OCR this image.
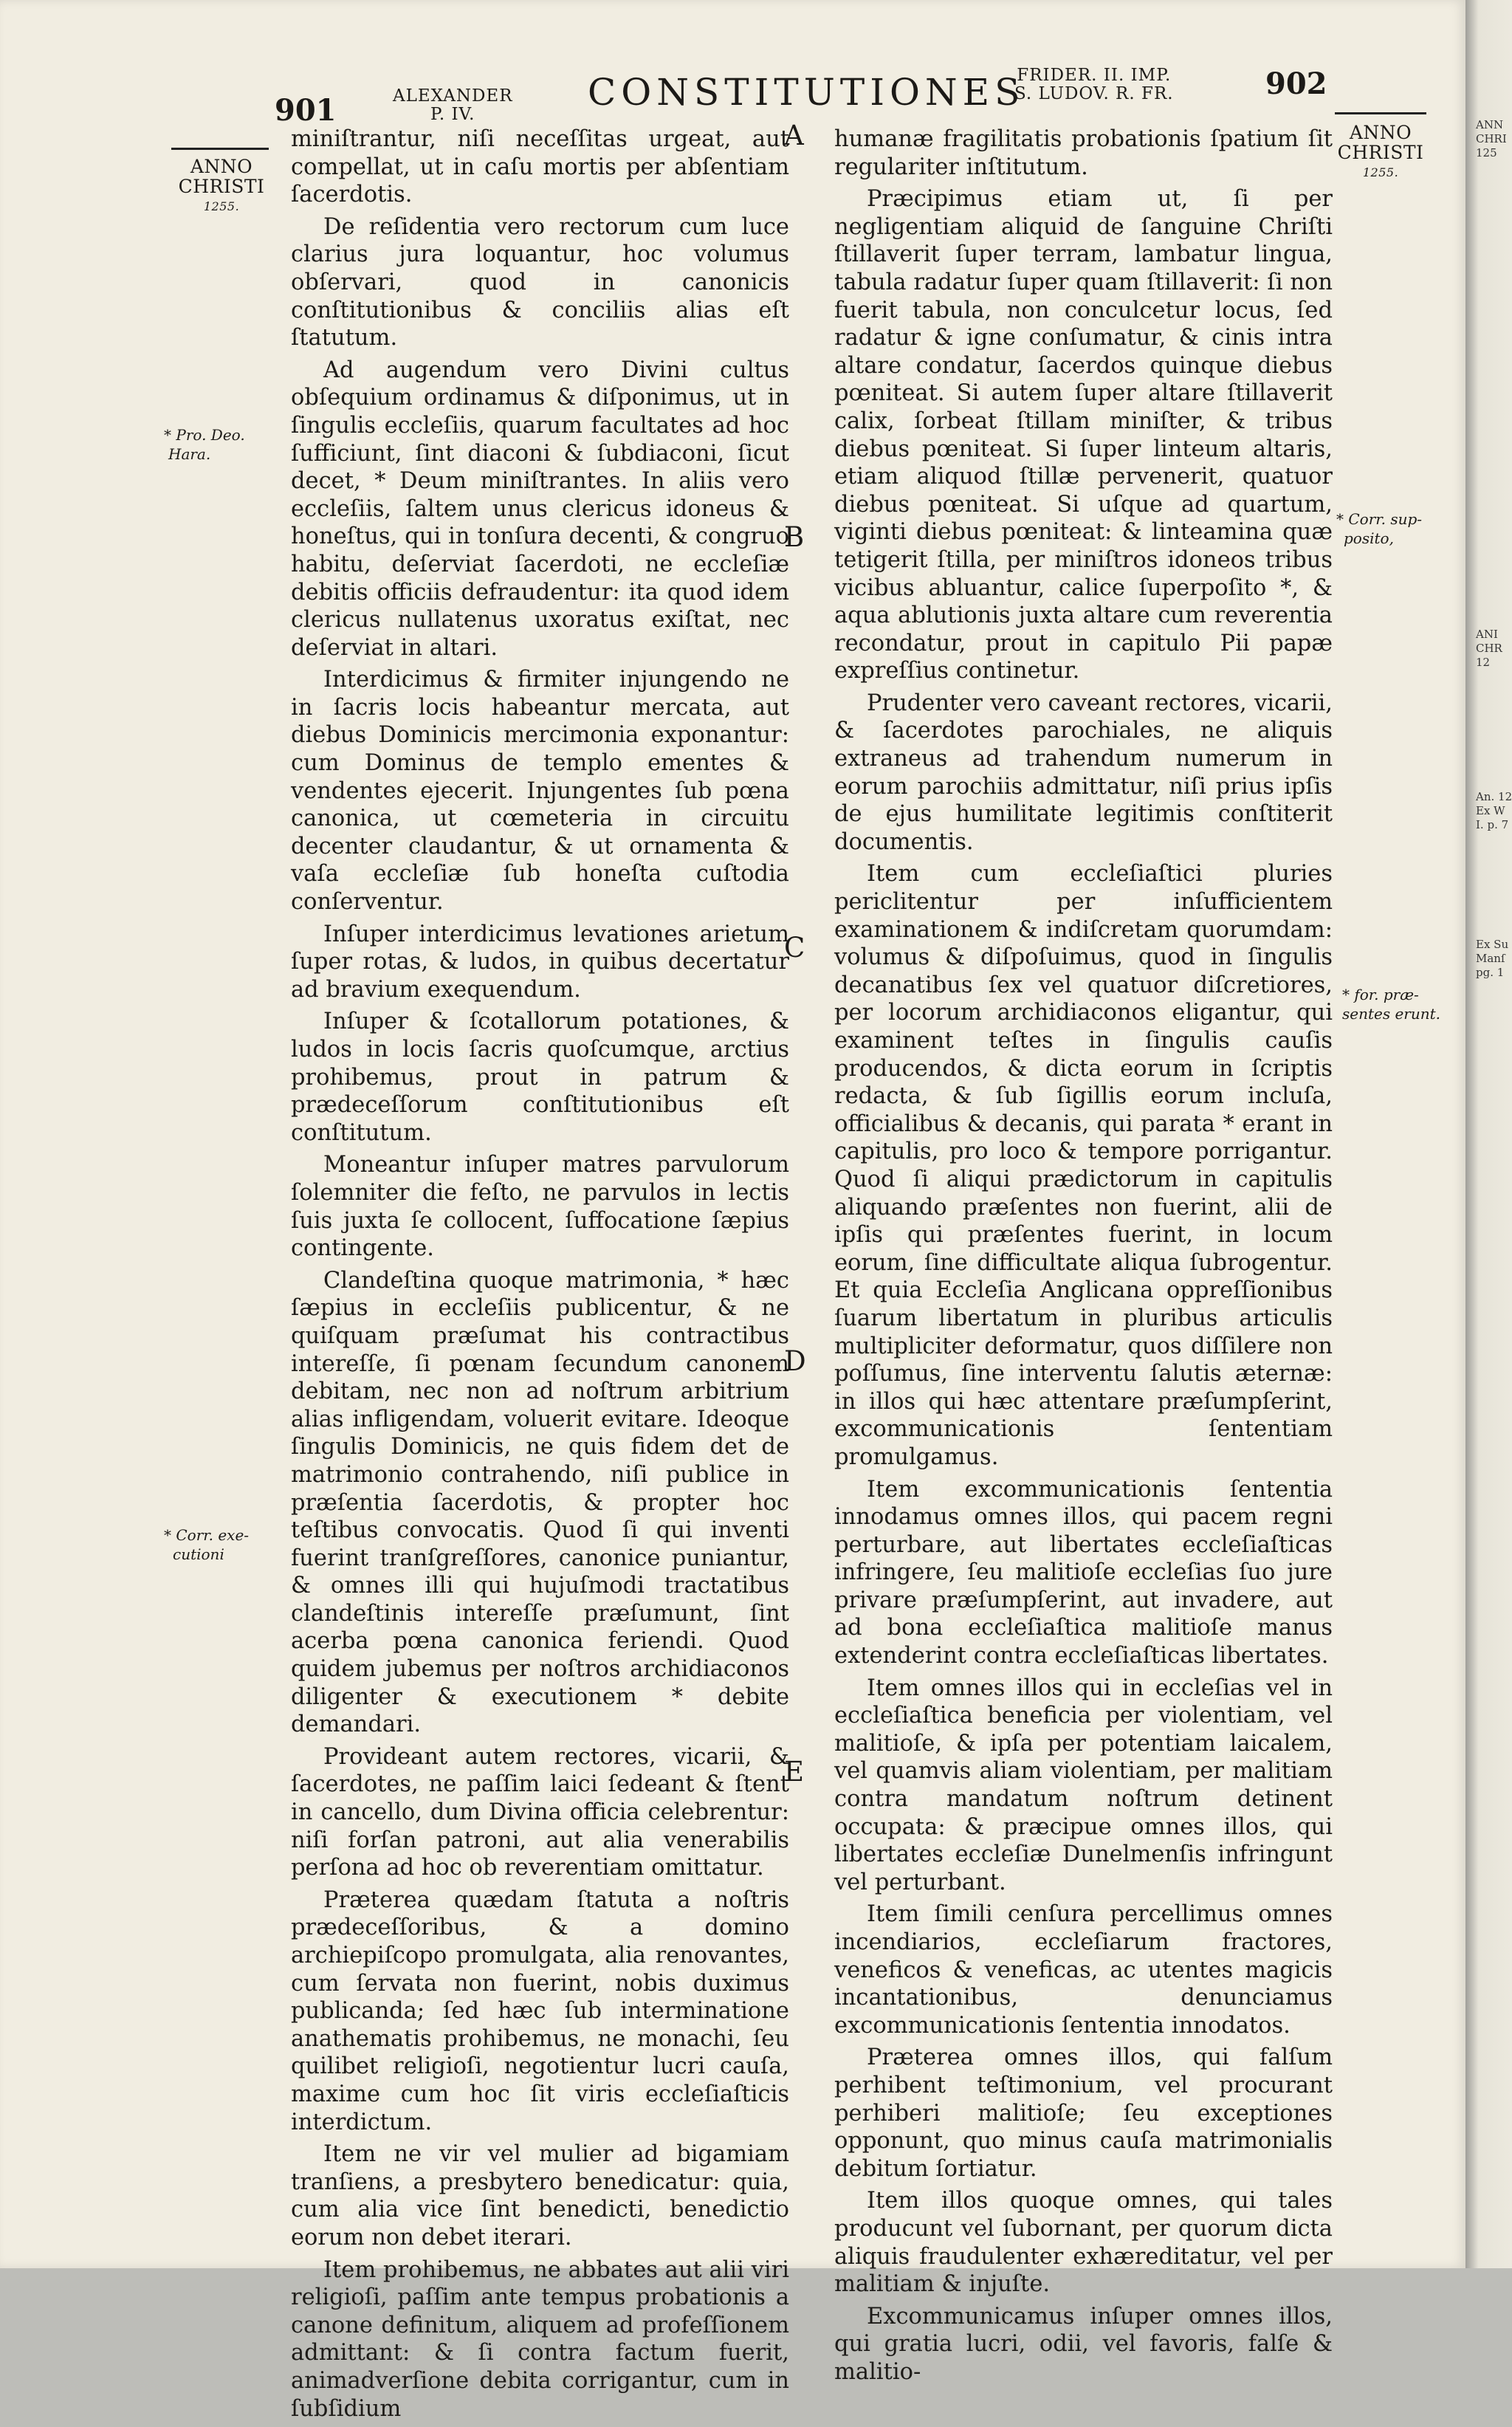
901	ALEXANDER
P. IV.
CONSTITUTIONES
FRIDER. II. IMP.
S. LUDOV. R. FR.	902
ANNO
CHRISTI
1255.
ANNO
CHRISTI
1255.
* Pro. Deo.
Hara.
* Corr. exe-
cutioni
* Corr. sup-
posito,
* for. præ-
sentes erunt.
A
B
C
D
E

miniſtrantur, niſi neceſſitas urgeat, aut compellat, ut in caſu mortis per abſentiam ſacerdotis.

De reſidentia vero rectorum cum luce clarius jura loquantur, hoc volumus obſervari, quod in canonicis conſtitutionibus & conciliis alias eſt ſtatutum.

Ad augendum vero Divini cultus obſequium ordinamus & diſponimus, ut in ſingulis eccleſiis, quarum facultates ad hoc ſufficiunt, ſint diaconi & ſubdiaconi, ſicut decet, * Deum miniſtrantes. In aliis vero eccleſiis, ſaltem unus clericus idoneus & honeſtus, qui in tonſura decenti, & congruo habitu, deſerviat ſacerdoti, ne eccleſiæ debitis officiis defraudentur: ita quod idem clericus nullatenus uxoratus exiſtat, nec deſerviat in altari.

Interdicimus & firmiter injungendo ne in ſacris locis habeantur mercata, aut diebus Dominicis mercimonia exponantur: cum Dominus de templo ementes & vendentes ejecerit. Injungentes ſub pœna canonica, ut cœmeteria in circuitu decenter claudantur, & ut ornamenta & vaſa eccleſiæ ſub honeſta cuſtodia conſerventur.

Inſuper interdicimus levationes arietum ſuper rotas, & ludos, in quibus decertatur ad bravium exequendum.

Inſuper & ſcotallorum potationes, & ludos in locis ſacris quoſcumque, arctius prohibemus, prout in patrum & prædeceſſorum conſtitutionibus eſt conſtitutum.

Moneantur inſuper matres parvulorum ſolemniter die feſto, ne parvulos in lectis ſuis juxta ſe collocent, ſuffocatione ſæpius contingente.

Clandeſtina quoque matrimonia, * hæc ſæpius in eccleſiis publicentur, & ne quiſquam præſumat his contractibus intereſſe, ſi pœnam ſecundum canonem debitam, nec non ad noſtrum arbitrium alias infligendam, voluerit evitare. Ideoque ſingulis Dominicis, ne quis fidem det de matrimonio contrahendo, niſi publice in præſentia ſacerdotis, & propter hoc teſtibus convocatis. Quod ſi qui inventi fuerint tranſgreſſores, canonice puniantur, & omnes illi qui hujuſmodi tractatibus clandeſtinis intereſſe præſumunt, ſint acerba pœna canonica feriendi. Quod quidem jubemus per noſtros archidiaconos diligenter & executionem * debite demandari.

Provideant autem rectores, vicarii, & ſacerdotes, ne paſſim laici ſedeant & ſtent in cancello, dum Divina officia celebrentur: niſi forſan patroni, aut alia venerabilis perſona ad hoc ob reverentiam omittatur.

Præterea quædam ſtatuta a noſtris prædeceſſoribus, & a domino archiepiſcopo promulgata, alia renovantes, cum ſervata non fuerint, nobis duximus publicanda; ſed hæc ſub interminatione anathematis prohibemus, ne monachi, ſeu quilibet religioſi, negotientur lucri cauſa, maxime cum hoc ſit viris eccleſiaſticis interdictum.

Item ne vir vel mulier ad bigamiam tranſiens, a presbytero benedicatur: quia, cum alia vice ſint benedicti, benedictio eorum non debet iterari.

Item prohibemus, ne abbates aut alii viri religioſi, paſſim ante tempus probationis a canone definitum, aliquem ad profeſſionem admittant: & ſi contra factum fuerit, animadverſione debita corrigantur, cum in ſubſidium

humanæ fragilitatis probationis ſpatium ſit regulariter inſtitutum.

Præcipimus etiam ut, ſi per negligentiam aliquid de ſanguine Chriſti ſtillaverit ſuper terram, lambatur lingua, tabula radatur ſuper quam ſtillaverit: ſi non fuerit tabula, non conculcetur locus, ſed radatur & igne conſumatur, & cinis intra altare condatur, ſacerdos quinque diebus pœniteat. Si autem ſuper altare ſtillaverit calix, ſorbeat ſtillam miniſter, & tribus diebus pœniteat. Si ſuper linteum altaris, etiam aliquod ſtillæ pervenerit, quatuor diebus pœniteat. Si uſque ad quartum, viginti diebus pœniteat: & linteamina quæ tetigerit ſtilla, per miniſtros idoneos tribus vicibus abluantur, calice ſuperpoſito *, & aqua ablutionis juxta altare cum reverentia recondatur, prout in capitulo Pii papæ expreſſius continetur.

Prudenter vero caveant rectores, vicarii, & ſacerdotes parochiales, ne aliquis extraneus ad trahendum numerum in eorum parochiis admittatur, niſi prius ipſis de ejus humilitate legitimis conſtiterit documentis.

Item cum eccleſiaſtici pluries periclitentur per inſufficientem examinationem & indiſcretam quorumdam: volumus & diſpoſuimus, quod in ſingulis decanatibus ſex vel quatuor diſcretiores, per locorum archidiaconos eligantur, qui examinent teſtes in ſingulis cauſis producendos, & dicta eorum in ſcriptis redacta, & ſub ſigillis eorum incluſa, officialibus & decanis, qui parata * erant in capitulis, pro loco & tempore porrigantur. Quod ſi aliqui prædictorum in capitulis aliquando præſentes non fuerint, alii de ipſis qui præſentes fuerint, in locum eorum, ſine difficultate aliqua ſubrogentur. Et quia Eccleſia Anglicana oppreſſionibus ſuarum libertatum in pluribus articulis multipliciter deformatur, quos diſſilere non poſſumus, ſine interventu ſalutis æternæ: in illos qui hæc attentare præſumpſerint, excommunicationis ſententiam promulgamus.

Item excommunicationis ſententia innodamus omnes illos, qui pacem regni perturbare, aut libertates eccleſiaſticas infringere, ſeu malitioſe eccleſias ſuo jure privare præſumpſerint, aut invadere, aut ad bona eccleſiaſtica malitioſe manus extenderint contra eccleſiaſticas libertates.

Item omnes illos qui in eccleſias vel in eccleſiaſtica beneficia per violentiam, vel malitioſe, & ipſa per potentiam laicalem, vel quamvis aliam violentiam, per malitiam contra mandatum noſtrum detinent occupata: & præcipue omnes illos, qui libertates eccleſiæ Dunelmenſis infringunt vel perturbant.

Item ſimili cenſura percellimus omnes incendiarios, eccleſiarum fractores, veneficos & veneficas, ac utentes magicis incantationibus, denunciamus excommunicationis ſententia innodatos.

Præterea omnes illos, qui falſum perhibent teſtimonium, vel procurant perhiberi malitioſe; ſeu exceptiones opponunt, quo minus cauſa matrimonialis debitum ſortiatur.

Item illos quoque omnes, qui tales producunt vel ſubornant, per quorum dicta aliquis fraudulenter exhæreditatur, vel per malitiam & injuſte.

Excommunicamus inſuper omnes illos, qui gratia lucri, odii, vel favoris, falſe & malitio-

ANN
CHRI
125
ANI
CHR
12
An. 12
Ex W
I. p. 7
Ex Su
Manſ
pg. 1
